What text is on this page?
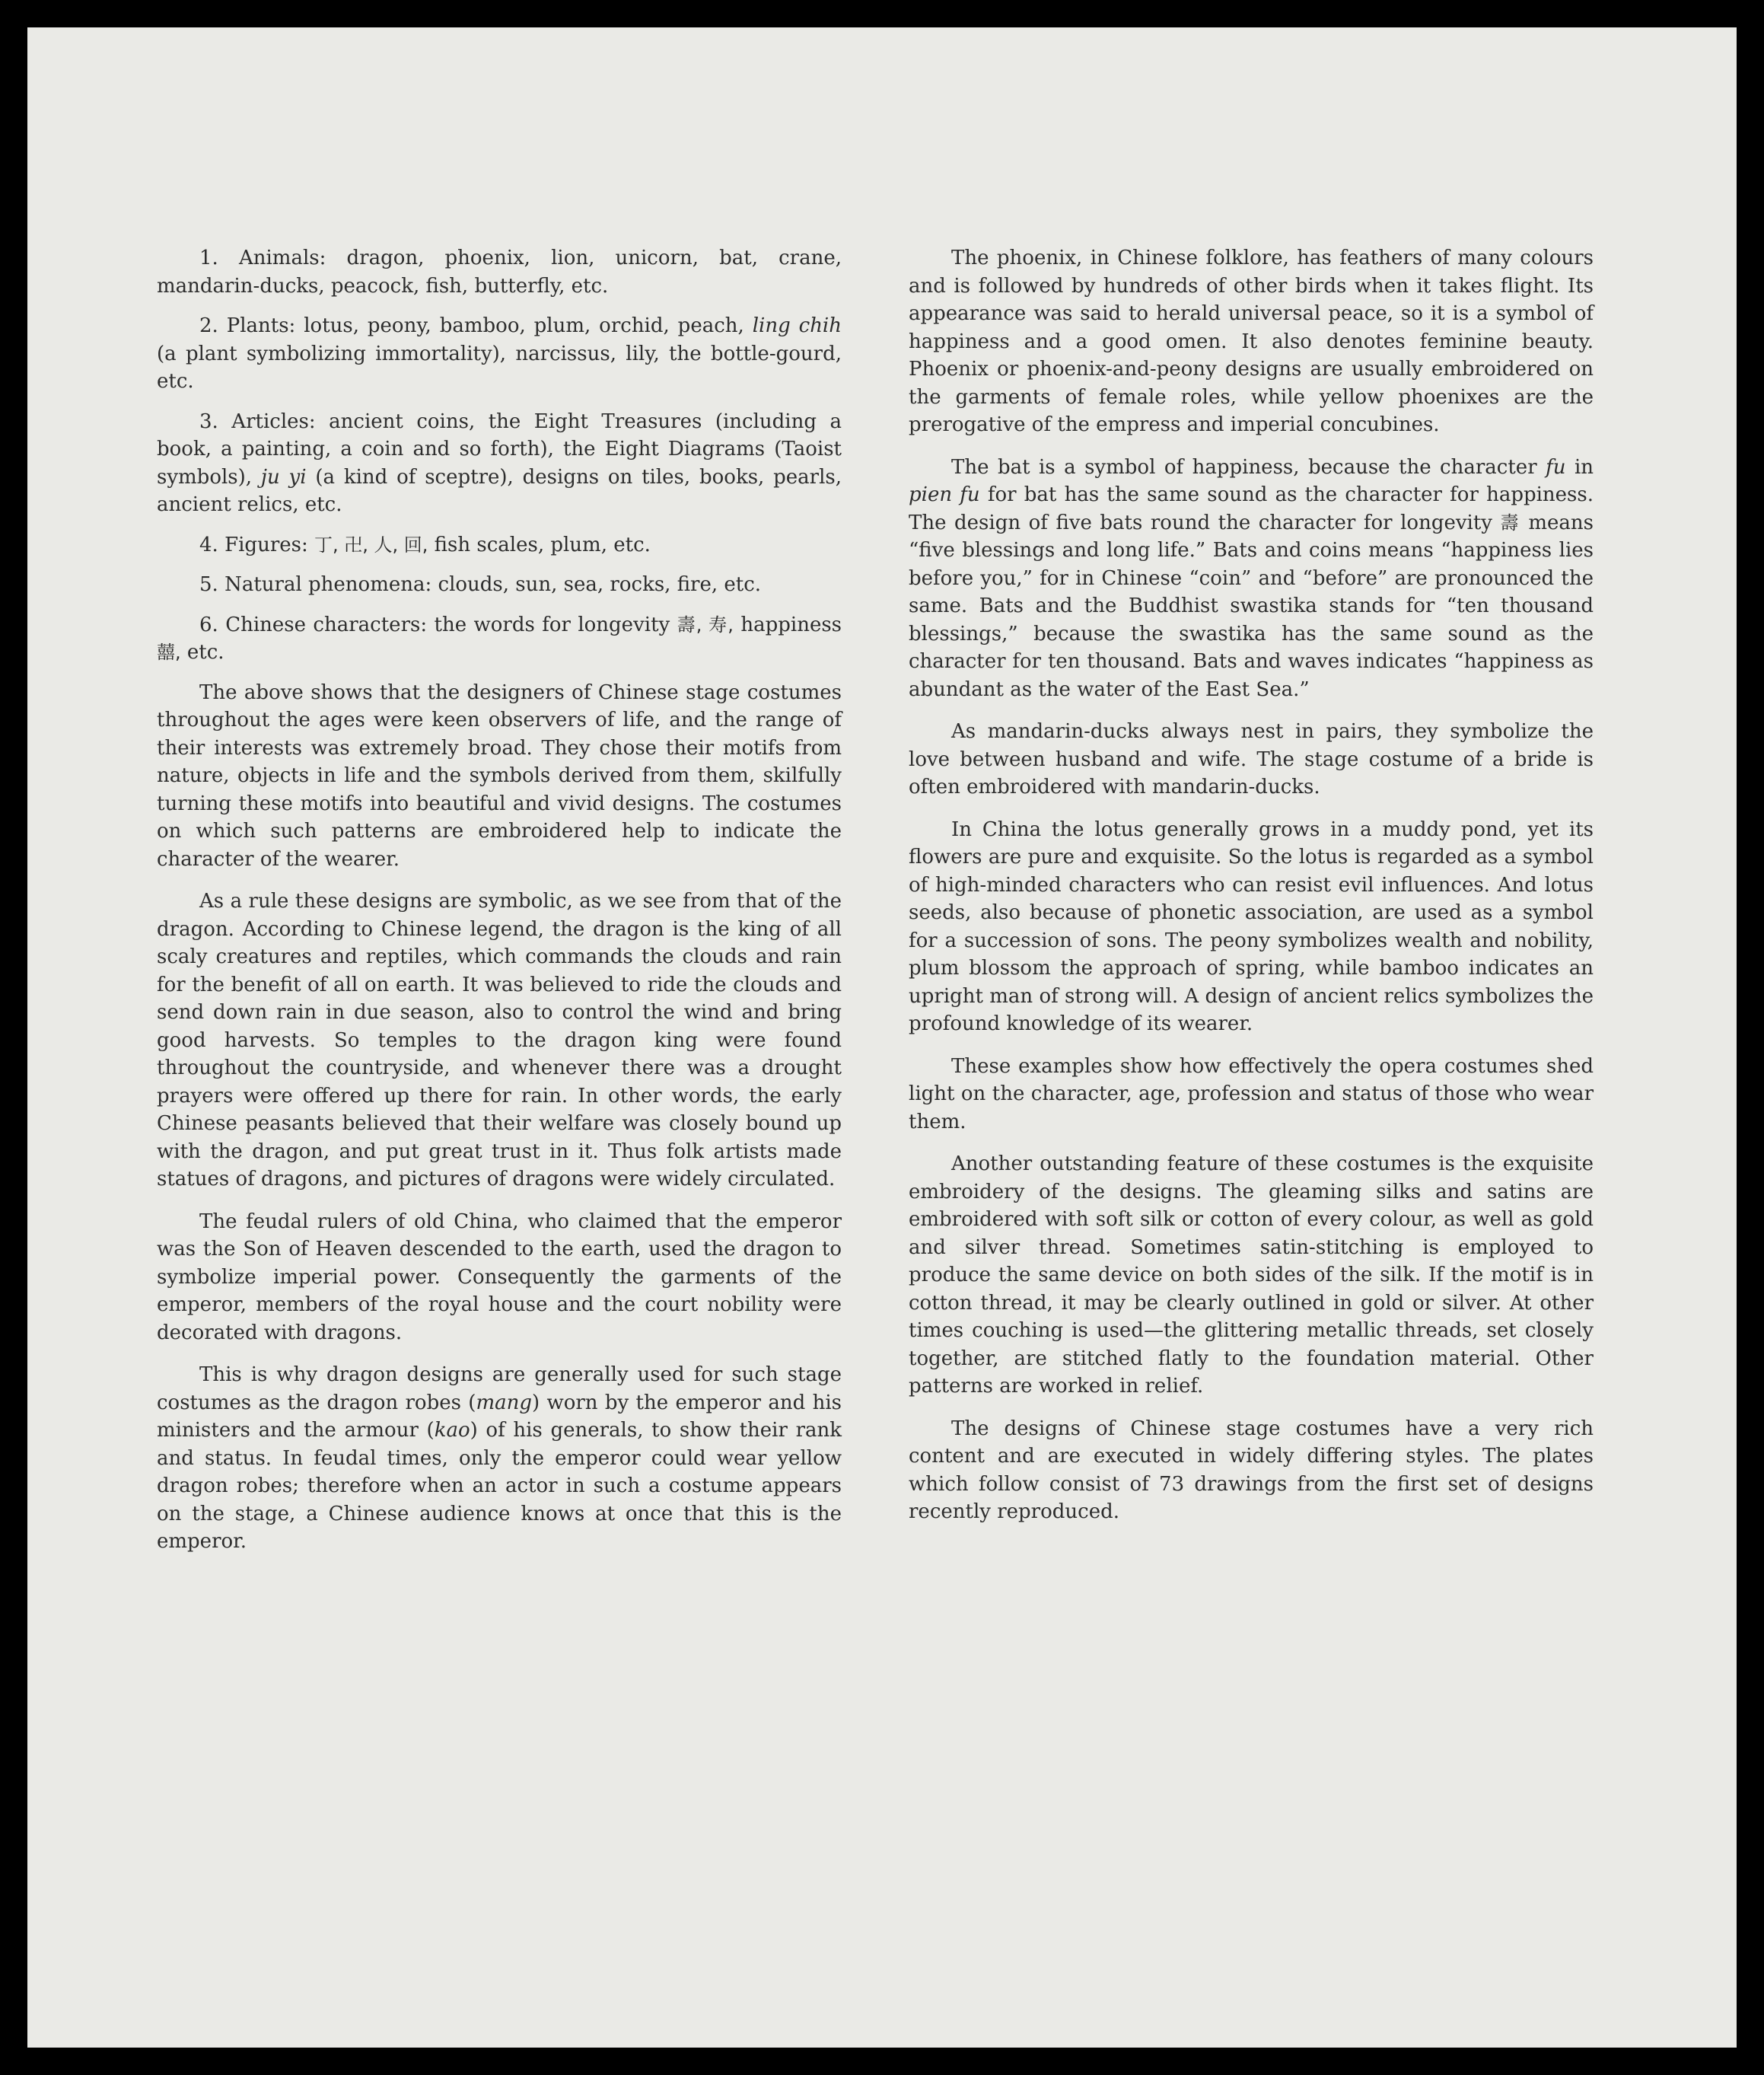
1. Animals: dragon, phoenix, lion, unicorn, bat, crane, mandarin-ducks, peacock, fish, butterfly, etc.

2. Plants: lotus, peony, bamboo, plum, orchid, peach, ling chih (a plant symbolizing immortality), narcissus, lily, the bottle-gourd, etc.

3. Articles: ancient coins, the Eight Treasures (including a book, a painting, a coin and so forth), the Eight Diagrams (Taoist symbols), ju yi (a kind of sceptre), designs on tiles, books, pearls, ancient relics, etc.

4. Figures: 丁, 卍, 人, 回, fish scales, plum, etc.

5. Natural phenomena: clouds, sun, sea, rocks, fire, etc.

6. Chinese characters: the words for longevity 壽, 寿, happiness 囍, etc.

The above shows that the designers of Chinese stage costumes throughout the ages were keen observers of life, and the range of their interests was extremely broad. They chose their motifs from nature, objects in life and the symbols derived from them, skilfully turning these motifs into beautiful and vivid designs. The costumes on which such patterns are embroidered help to indicate the character of the wearer.

As a rule these designs are symbolic, as we see from that of the dragon. According to Chinese legend, the dragon is the king of all scaly creatures and reptiles, which commands the clouds and rain for the benefit of all on earth. It was believed to ride the clouds and send down rain in due season, also to control the wind and bring good harvests. So temples to the dragon king were found throughout the countryside, and whenever there was a drought prayers were offered up there for rain. In other words, the early Chinese peasants believed that their welfare was closely bound up with the dragon, and put great trust in it. Thus folk artists made statues of dragons, and pictures of dragons were widely circulated.

The feudal rulers of old China, who claimed that the emperor was the Son of Heaven descended to the earth, used the dragon to symbolize imperial power. Consequently the garments of the emperor, members of the royal house and the court nobility were decorated with dragons.

This is why dragon designs are generally used for such stage costumes as the dragon robes (mang) worn by the emperor and his ministers and the armour (kao) of his generals, to show their rank and status. In feudal times, only the emperor could wear yellow dragon robes; therefore when an actor in such a costume appears on the stage, a Chinese audience knows at once that this is the emperor.

The phoenix, in Chinese folklore, has feathers of many colours and is followed by hundreds of other birds when it takes flight. Its appearance was said to herald universal peace, so it is a symbol of happiness and a good omen. It also denotes feminine beauty. Phoenix or phoenix-and-peony designs are usually embroidered on the garments of female roles, while yellow phoenixes are the prerogative of the empress and imperial concubines.

The bat is a symbol of happiness, because the character fu in pien fu for bat has the same sound as the character for happiness. The design of five bats round the character for longevity 壽 means “five blessings and long life.” Bats and coins means “happiness lies before you,” for in Chinese “coin” and “before” are pronounced the same. Bats and the Buddhist swastika stands for “ten thousand blessings,” because the swastika has the same sound as the character for ten thousand. Bats and waves indicates “happiness as abundant as the water of the East Sea.”

As mandarin-ducks always nest in pairs, they symbolize the love between husband and wife. The stage costume of a bride is often embroidered with mandarin-ducks.

In China the lotus generally grows in a muddy pond, yet its flowers are pure and exquisite. So the lotus is regarded as a symbol of high-minded characters who can resist evil influences. And lotus seeds, also because of phonetic association, are used as a symbol for a succession of sons. The peony symbolizes wealth and nobility, plum blossom the approach of spring, while bamboo indicates an upright man of strong will. A design of ancient relics symbolizes the profound knowledge of its wearer.

These examples show how effectively the opera costumes shed light on the character, age, profession and status of those who wear them.

Another outstanding feature of these costumes is the exquisite embroidery of the designs. The gleaming silks and satins are embroidered with soft silk or cotton of every colour, as well as gold and silver thread. Sometimes satin-stitching is employed to produce the same device on both sides of the silk. If the motif is in cotton thread, it may be clearly outlined in gold or silver. At other times couching is used—the glittering metallic threads, set closely together, are stitched flatly to the foundation material. Other patterns are worked in relief.

The designs of Chinese stage costumes have a very rich content and are executed in widely differing styles. The plates which follow consist of 73 drawings from the first set of designs recently reproduced.
